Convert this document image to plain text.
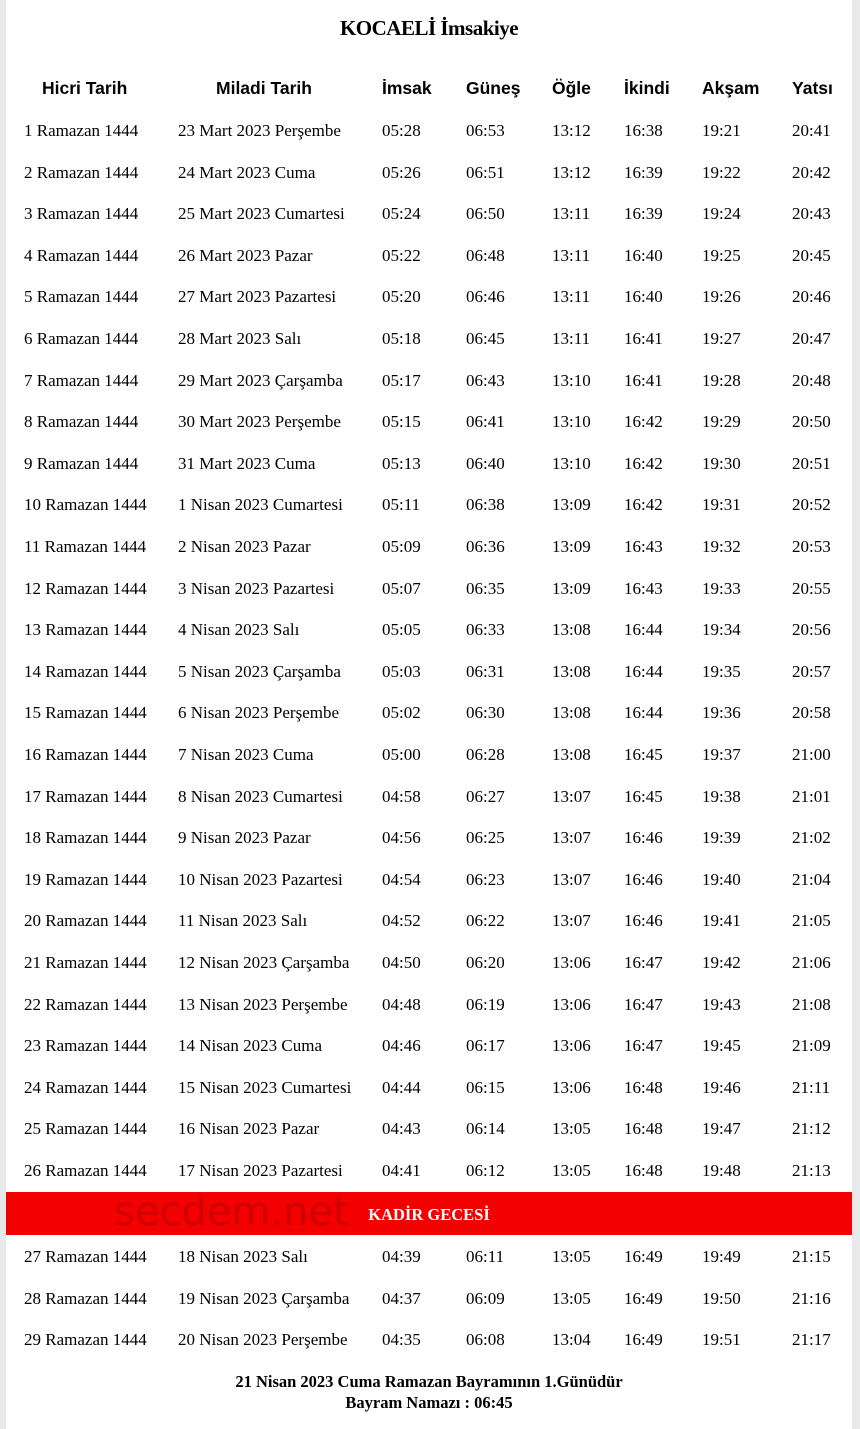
KOCAELİ İmsakiye
Hicri Tarih	Miladi Tarih	İmsak Güneş Öğle İkindi Akşam Yatsı
1 Ramazan 1444 23 Mart 2023 Perşembe 05:28	06:53	13:12 16:38 19:21	20:41
2 Ramazan 1444 24 Mart 2023 Cuma	05:26	06:51	13:12 16:39 19:22	20:42
3 Ramazan 1444 25 Mart 2023 Cumartesi 05:24	06:50	13:11 16:39 19:24	20:43
4 Ramazan 1444 26 Mart 2023 Pazar	05:22	06:48	13:11 16:40 19:25	20:45
5 Ramazan 1444 27 Mart 2023 Pazartesi	05:20	06:46	13:11 16:40 19:26	20:46
6 Ramazan 1444 28 Mart 2023 Salı	05:18	06:45	13:11 16:41 19:27	20:47
7 Ramazan 1444 29 Mart 2023 Çarşamba 05:17	06:43	13:10 16:41 19:28	20:48
8 Ramazan 1444 30 Mart 2023 Perşembe 05:15	06:41	13:10 16:42 19:29	20:50
9 Ramazan 1444 31 Mart 2023 Cuma	05:13	06:40	13:10 16:42 19:30	20:51
10 Ramazan 1444 1 Nisan 2023 Cumartesi 05:11	06:38	13:09 16:42 19:31	20:52
11 Ramazan 1444 2 Nisan 2023 Pazar	05:09	06:36	13:09 16:43 19:32	20:53
12 Ramazan 1444 3 Nisan 2023 Pazartesi	05:07	06:35	13:09 16:43 19:33	20:55
13 Ramazan 1444 4 Nisan 2023 Salı	05:05	06:33	13:08 16:44 19:34	20:56
14 Ramazan 1444 5 Nisan 2023 Çarşamba 05:03	06:31	13:08 16:44 19:35	20:57
15 Ramazan 1444 6 Nisan 2023 Perşembe	05:02	06:30	13:08 16:44 19:36	20:58
16 Ramazan 1444 7 Nisan 2023 Cuma	05:00	06:28	13:08 16:45 19:37	21:00
17 Ramazan 1444 8 Nisan 2023 Cumartesi 04:58	06:27	13:07 16:45 19:38	21:01
18 Ramazan 1444 9 Nisan 2023 Pazar	04:56	06:25	13:07 16:46 19:39	21:02
19 Ramazan 1444 10 Nisan 2023 Pazartesi 04:54	06:23	13:07 16:46 19:40	21:04
20 Ramazan 1444 11 Nisan 2023 Salı	04:52	06:22	13:07 16:46 19:41	21:05
21 Ramazan 1444 12 Nisan 2023 Çarşamba 04:50	06:20	13:06 16:47 19:42	21:06
22 Ramazan 1444 13 Nisan 2023 Perşembe 04:48	06:19	13:06 16:47 19:43	21:08
23 Ramazan 1444 14 Nisan 2023 Cuma	04:46	06:17	13:06 16:47 19:45	21:09
24 Ramazan 1444 15 Nisan 2023 Cumartesi 04:44	06:15	13:06 16:48 19:46	21:11
25 Ramazan 1444 16 Nisan 2023 Pazar	04:43	06:14	13:05 16:48 19:47	21:12
26 Ramazan 1444 17 Nisan 2023 Pazartesi 04:41	06:12	13:05 16:48 19:48	21:13
secdem.net	KADİR GECESİ
27 Ramazan 1444 18 Nisan 2023 Salı	04:39	06:11	13:05 16:49 19:49	21:15
28 Ramazan 1444 19 Nisan 2023 Çarşamba 04:37	06:09	13:05 16:49 19:50	21:16
29 Ramazan 1444 20 Nisan 2023 Perşembe 04:35	06:08	13:04 16:49 19:51	21:17
21 Nisan 2023 Cuma Ramazan Bayramının 1.Günüdür
Bayram Namazı : 06:45
